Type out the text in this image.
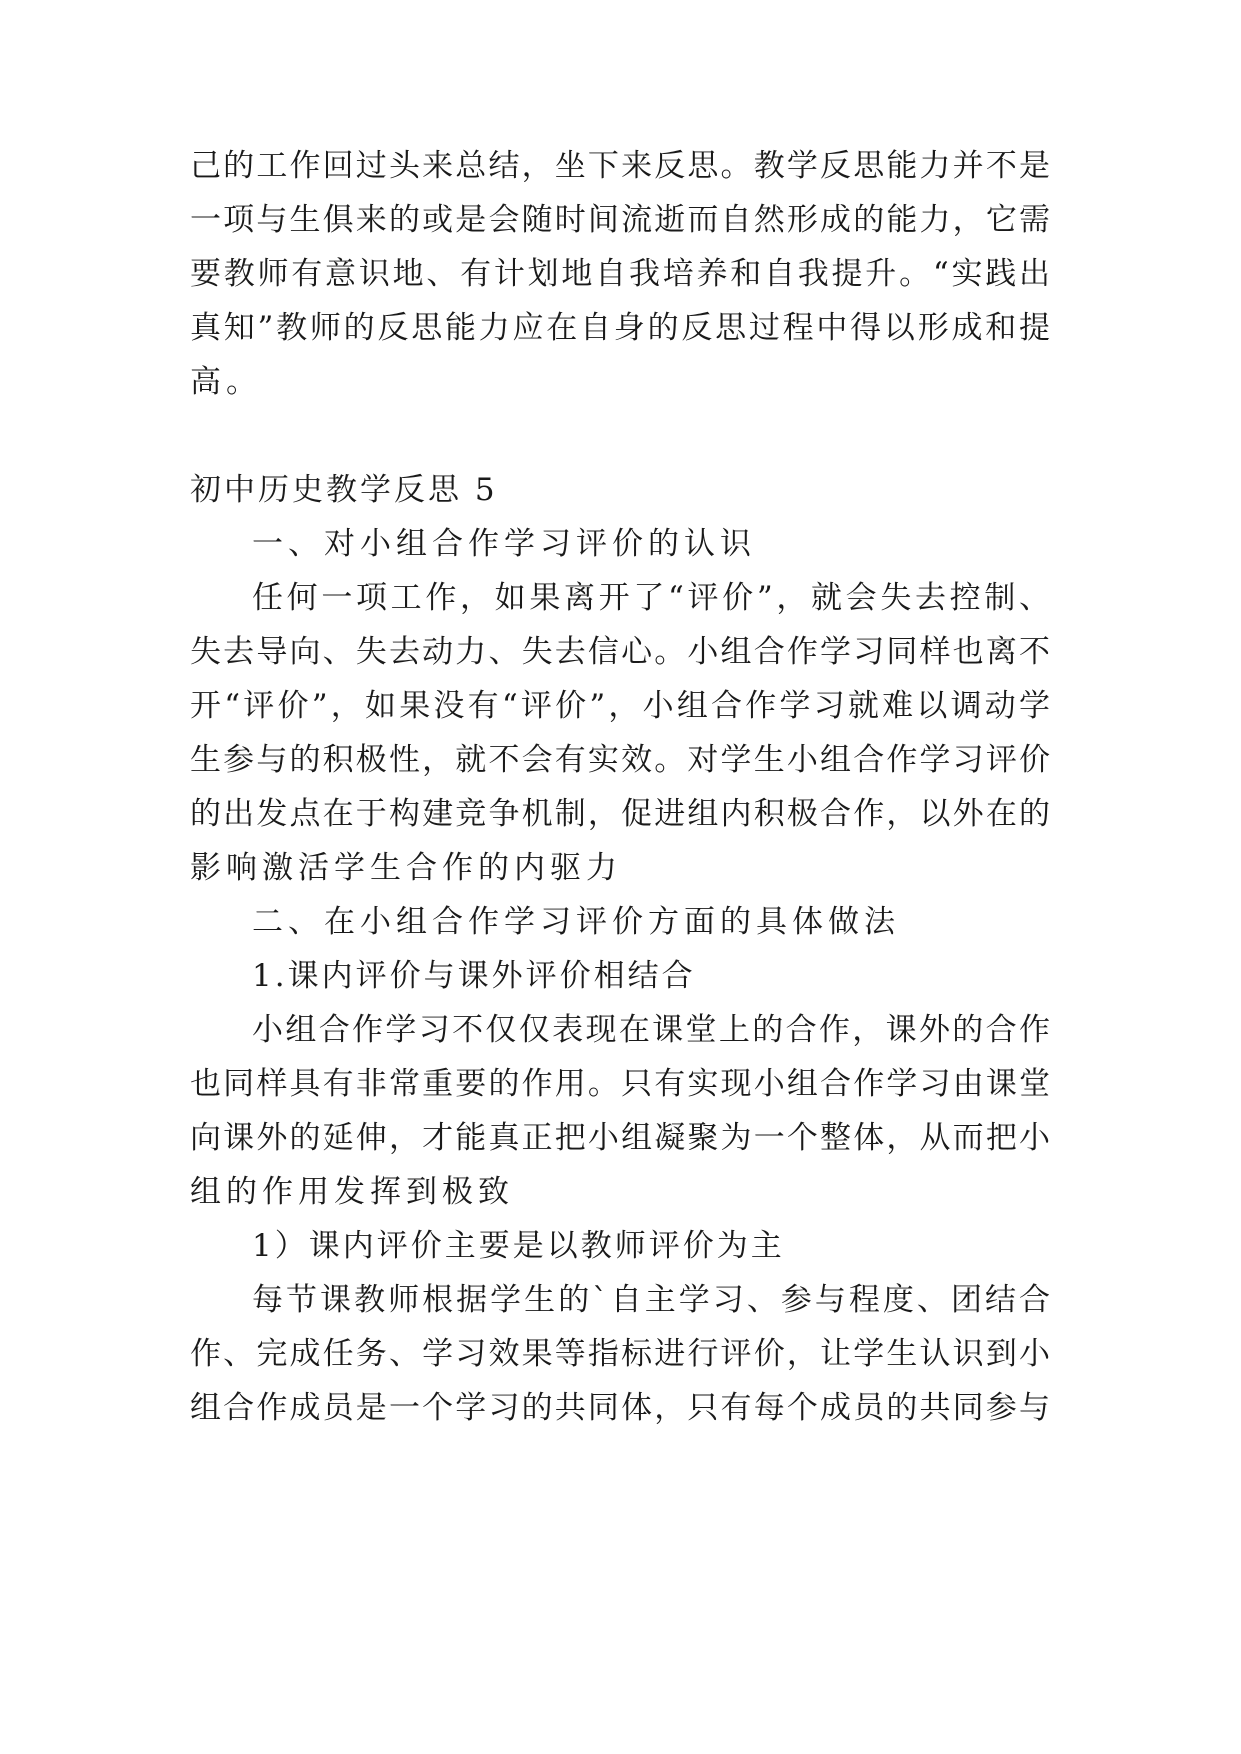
己的工作回过头来总结，坐下来反思。教学反思能力并不是
一项与生俱来的或是会随时间流逝而自然形成的能力，它需
要教师有意识地、有计划地自我培养和自我提升。“实践出
真知”教师的反思能力应在自身的反思过程中得以形成和提
高。
初中历史教学反思 5
一、对小组合作学习评价的认识
任何一项工作，如果离开了“评价”，就会失去控制、
失去导向、失去动力、失去信心。小组合作学习同样也离不
开“评价”，如果没有“评价”，小组合作学习就难以调动学
生参与的积极性，就不会有实效。对学生小组合作学习评价
的出发点在于构建竞争机制，促进组内积极合作，以外在的
影响激活学生合作的内驱力
二、在小组合作学习评价方面的具体做法
1.课内评价与课外评价相结合
小组合作学习不仅仅表现在课堂上的合作，课外的合作
也同样具有非常重要的作用。只有实现小组合作学习由课堂
向课外的延伸，才能真正把小组凝聚为一个整体，从而把小
组的作用发挥到极致
1）课内评价主要是以教师评价为主
每节课教师根据学生的`自主学习、参与程度、团结合
作、完成任务、学习效果等指标进行评价，让学生认识到小
组合作成员是一个学习的共同体，只有每个成员的共同参与
